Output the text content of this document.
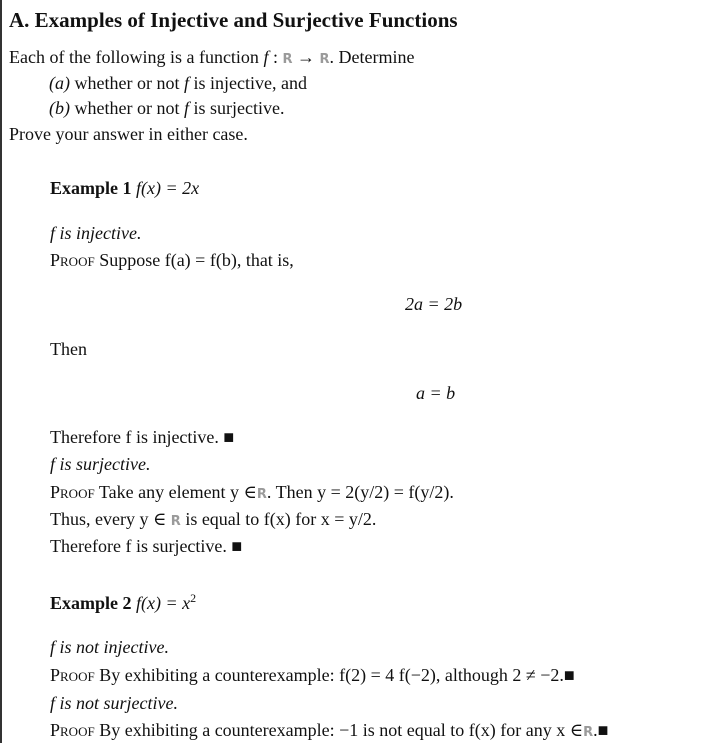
A. Examples of Injective and Surjective Functions
Each of the following is a function f : R → R. Determine
(a) whether or not f is injective, and
(b) whether or not f is surjective.
Prove your answer in either case.
Example 1 f(x) = 2x
f is injective.
Proof Suppose f(a) = f(b), that is,
2a = 2b
Then
a = b
Therefore f is injective. ■
f is surjective.
Proof Take any element y ∈R. Then y = 2(y/2) = f(y/2).
Thus, every y ∈ R is equal to f(x) for x = y/2.
Therefore f is surjective. ■
Example 2 $f(x) = x^2$
f is not injective.
Proof By exhibiting a counterexample: f(2) = 4 f(−2), although 2 ≠ −2.■
f is not surjective.
Proof By exhibiting a counterexample: −1 is not equal to f(x) for any x ∈R.■
